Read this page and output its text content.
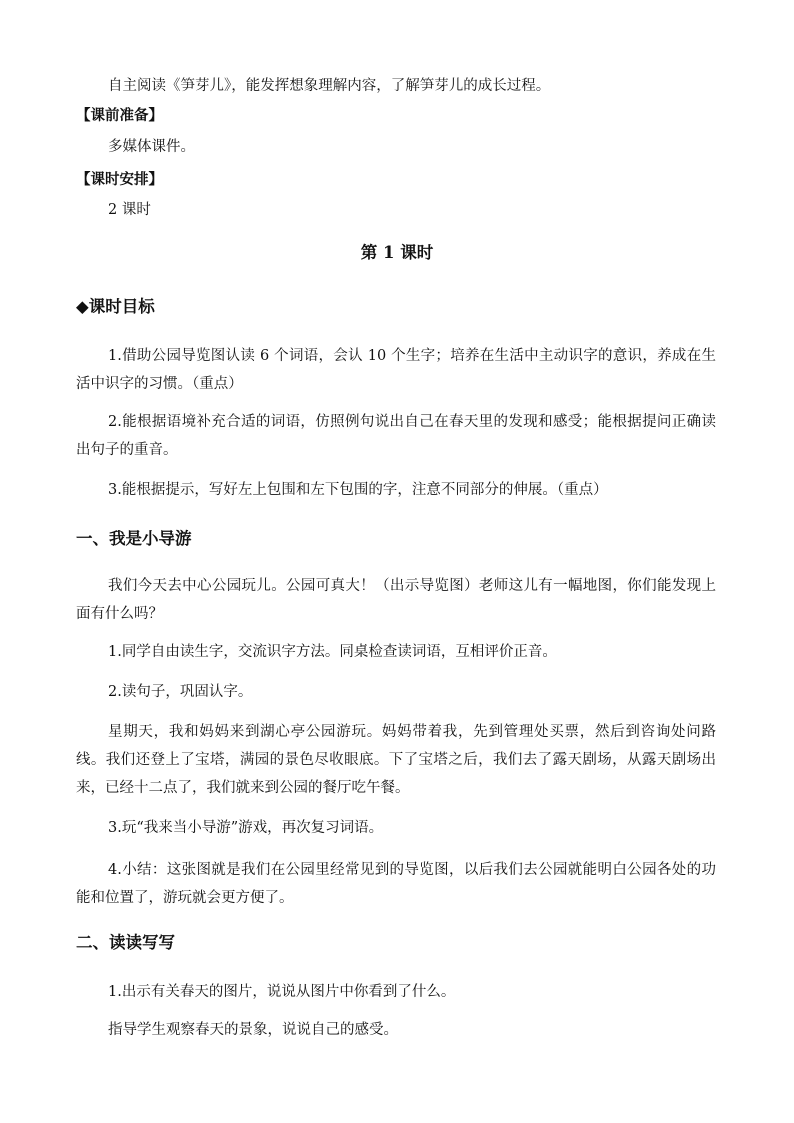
自主阅读《笋芽儿》，能发挥想象理解内容，了解笋芽儿的成长过程。
【课前准备】
多媒体课件。
【课时安排】
2 课时
第 1 课时
◆课时目标
1.借助公园导览图认读 6 个词语，会认 10 个生字；培养在生活中主动识字的意识，养成在生活中识字的习惯。（重点）
2.能根据语境补充合适的词语，仿照例句说出自己在春天里的发现和感受；能根据提问正确读出句子的重音。
3.能根据提示，写好左上包围和左下包围的字，注意不同部分的伸展。（重点）
一、我是小导游
我们今天去中心公园玩儿。公园可真大！（出示导览图）老师这儿有一幅地图，你们能发现上面有什么吗？
1.同学自由读生字，交流识字方法。同桌检查读词语，互相评价正音。
2.读句子，巩固认字。
星期天，我和妈妈来到湖心亭公园游玩。妈妈带着我，先到管理处买票，然后到咨询处问路线。我们还登上了宝塔，满园的景色尽收眼底。下了宝塔之后，我们去了露天剧场，从露天剧场出来，已经十二点了，我们就来到公园的餐厅吃午餐。
3.玩“我来当小导游”游戏，再次复习词语。
4.小结：这张图就是我们在公园里经常见到的导览图，以后我们去公园就能明白公园各处的功能和位置了，游玩就会更方便了。
二、读读写写
1.出示有关春天的图片，说说从图片中你看到了什么。
指导学生观察春天的景象，说说自己的感受。
